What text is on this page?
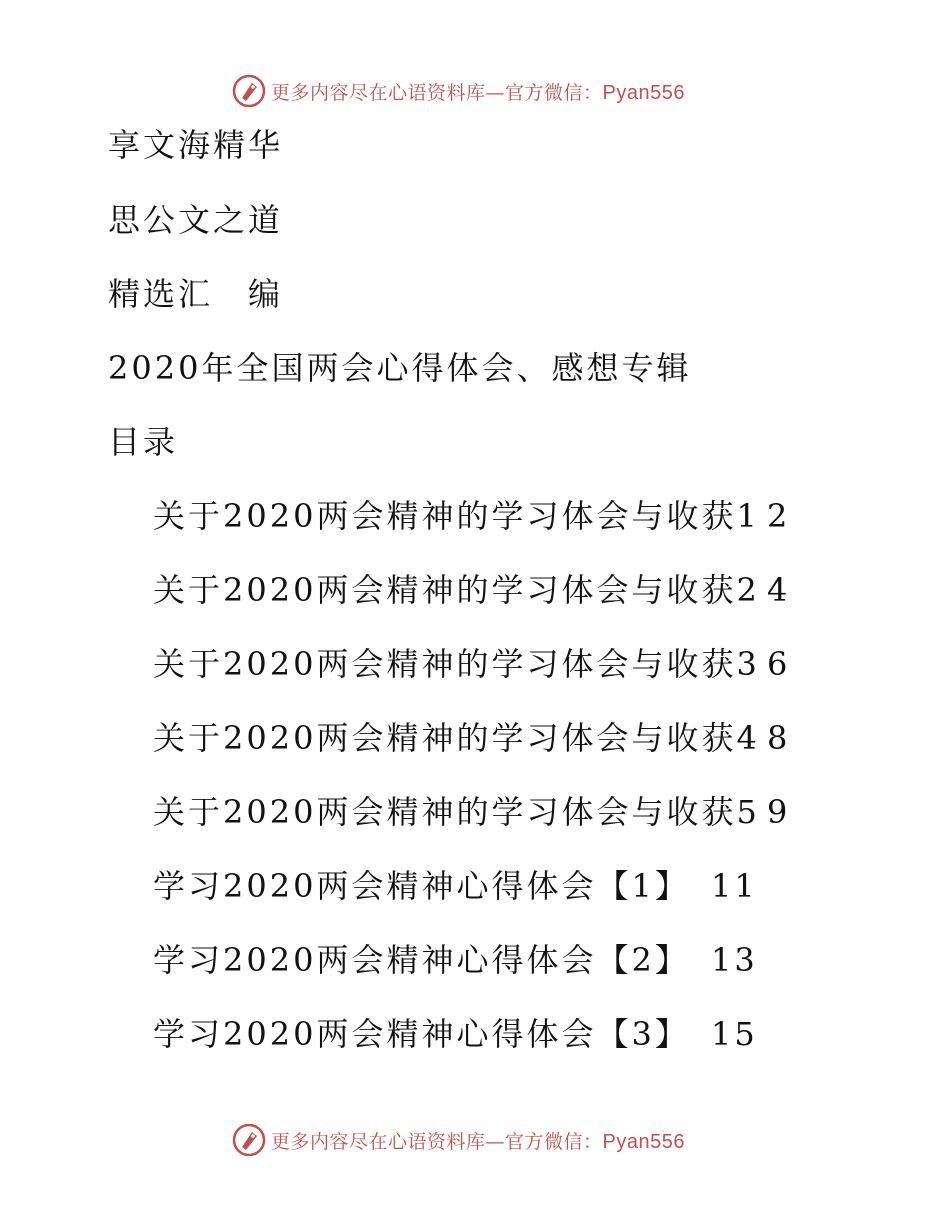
更多内容尽在心语资料库—官方微信：Pyan556
享文海精华
思公文之道
精选汇　编
2020年全国两会心得体会、感想专辑
目录
关于2020两会精神的学习体会与收获1 2
关于2020两会精神的学习体会与收获2 4
关于2020两会精神的学习体会与收获3 6
关于2020两会精神的学习体会与收获4 8
关于2020两会精神的学习体会与收获5 9
学习2020两会精神心得体会【1】 11
学习2020两会精神心得体会【2】 13
学习2020两会精神心得体会【3】 15
更多内容尽在心语资料库—官方微信：Pyan556
